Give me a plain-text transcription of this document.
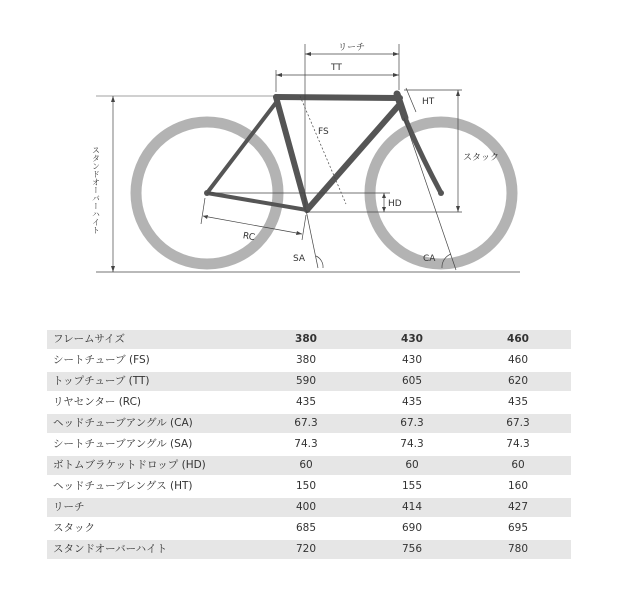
リーチ
TT
HT
FS
スタック
HD
RC
SA	CA
スタンドオーバーハイト
フレームサイズ	380	430	460
シートチューブ (FS)	380	430	460
トップチューブ (TT)	590	605	620
リヤセンター (RC)	435	435	435
ヘッドチューブアングル (CA)	67.3	67.3	67.3
シートチューブアングル (SA)	74.3	74.3	74.3
ボトムブラケットドロップ (HD)	60	60	60
ヘッドチューブレングス (HT)	150	155	160
リーチ	400	414	427
スタック	685	690	695
スタンドオーバーハイト	720	756	780
